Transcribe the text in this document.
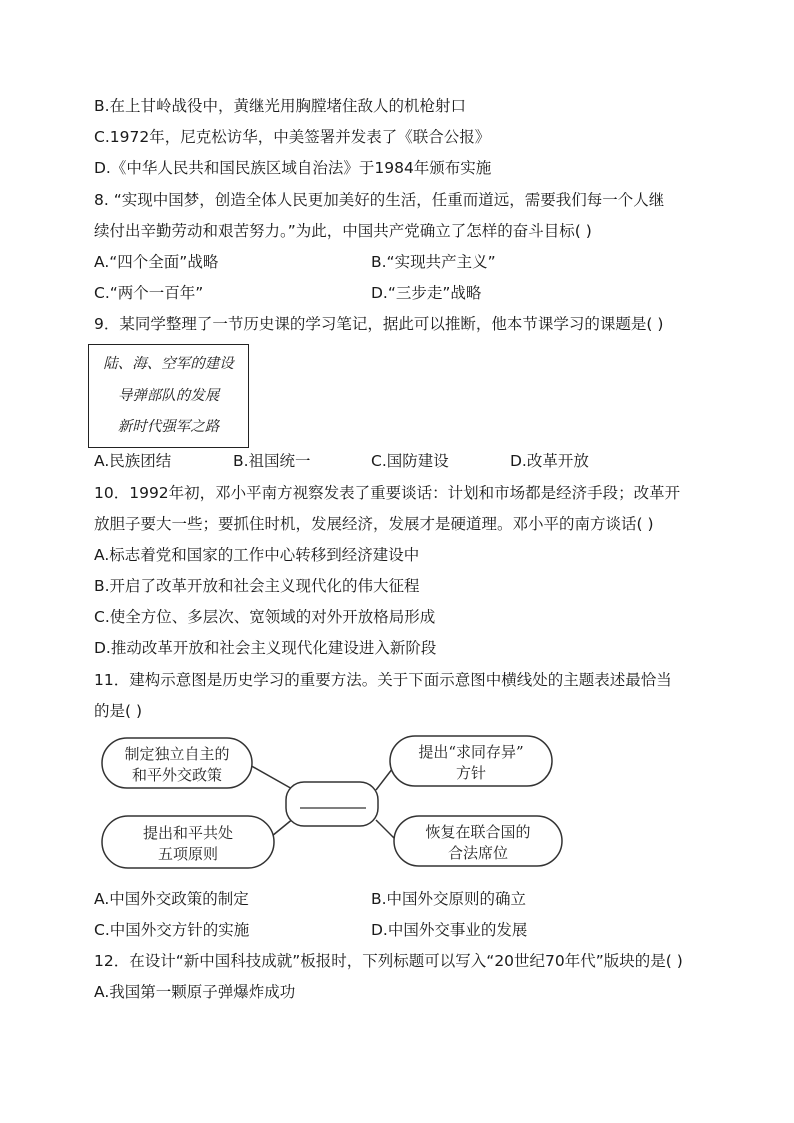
B.在上甘岭战役中，黄继光用胸膛堵住敌人的机枪射口
C.1972年，尼克松访华，中美签署并发表了《联合公报》
D.《中华人民共和国民族区域自治法》于1984年颁布实施
8. “实现中国梦，创造全体人民更加美好的生活，任重而道远，需要我们每一个人继
续付出辛勤劳动和艰苦努力。”为此，中国共产党确立了怎样的奋斗目标( )
A.“四个全面”战略	B.“实现共产主义”
C.“两个一百年”	D.“三步走”战略
9．某同学整理了一节历史课的学习笔记，据此可以推断，他本节课学习的课题是( )
陆、海、空军的建设
导弹部队的发展
新时代强军之路
A.民族团结	B.祖国统一	C.国防建设	D.改革开放
10．1992年初，邓小平南方视察发表了重要谈话：计划和市场都是经济手段；改革开
放胆子要大一些；要抓住时机，发展经济，发展才是硬道理。邓小平的南方谈话( )
A.标志着党和国家的工作中心转移到经济建设中
B.开启了改革开放和社会主义现代化的伟大征程
C.使全方位、多层次、宽领域的对外开放格局形成
D.推动改革开放和社会主义现代化建设进入新阶段
11．建构示意图是历史学习的重要方法。关于下面示意图中横线处的主题表述最恰当
的是( )
制定独立自主的
和平外交政策
提出和平共处
五项原则
提出“求同存异”
方针
恢复在联合国的
合法席位
A.中国外交政策的制定	B.中国外交原则的确立
C.中国外交方针的实施	D.中国外交事业的发展
12．在设计“新中国科技成就”板报时，下列标题可以写入“20世纪70年代”版块的是( )
A.我国第一颗原子弹爆炸成功
